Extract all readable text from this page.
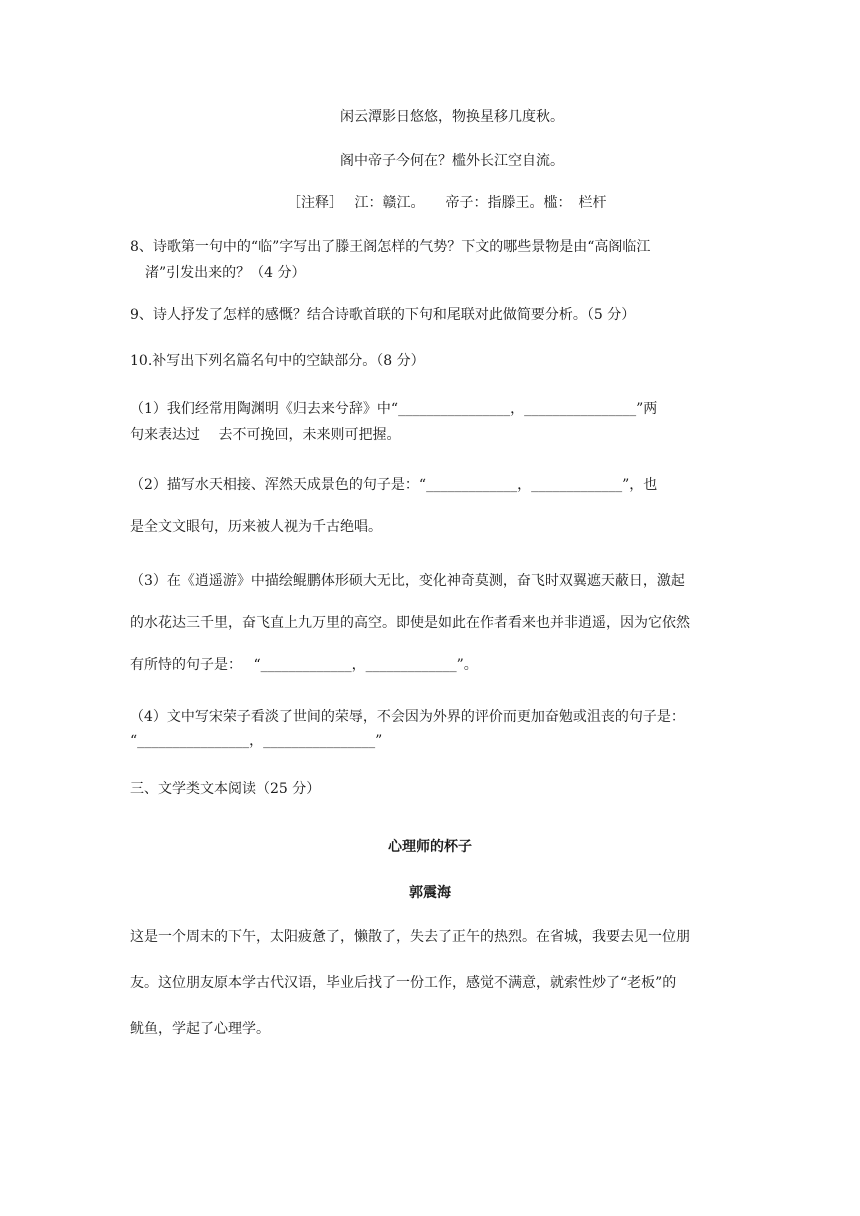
闲云潭影日悠悠，物换星移几度秋。
阁中帝子今何在？槛外长江空自流。
［注释］　 江：赣江。　　帝子：指滕王。槛：　栏杆
8、诗歌第一句中的“临”字写出了滕王阁怎样的气势？下文的哪些景物是由“高阁临江
渚”引发出来的？（4 分）
9、诗人抒发了怎样的感慨？结合诗歌首联的下句和尾联对此做简要分析。（5 分）
10.补写出下列名篇名句中的空缺部分。（8 分）
（1）我们经常用陶渊明《归去来兮辞》中“________________，________________”两
句来表达过　 去不可挽回，未来则可把握。
（2）描写水天相接、浑然天成景色的句子是：“_____________，_____________”，也
是全文文眼句，历来被人视为千古绝唱。
（3）在《逍遥游》中描绘鲲鹏体形硕大无比，变化神奇莫测，奋飞时双翼遮天蔽日，激起
的水花达三千里，奋飞直上九万里的高空。即使是如此在作者看来也并非逍遥，因为它依然
有所恃的句子是：　 “_____________，_____________”。
（4）文中写宋荣子看淡了世间的荣辱，不会因为外界的评价而更加奋勉或沮丧的句子是：
“________________，________________”
三、文学类文本阅读（25 分）
心理师的杯子
郭震海
这是一个周末的下午，太阳疲惫了，懒散了，失去了正午的热烈。在省城，我要去见一位朋
友。这位朋友原本学古代汉语，毕业后找了一份工作，感觉不满意，就索性炒了“老板”的
鱿鱼，学起了心理学。
